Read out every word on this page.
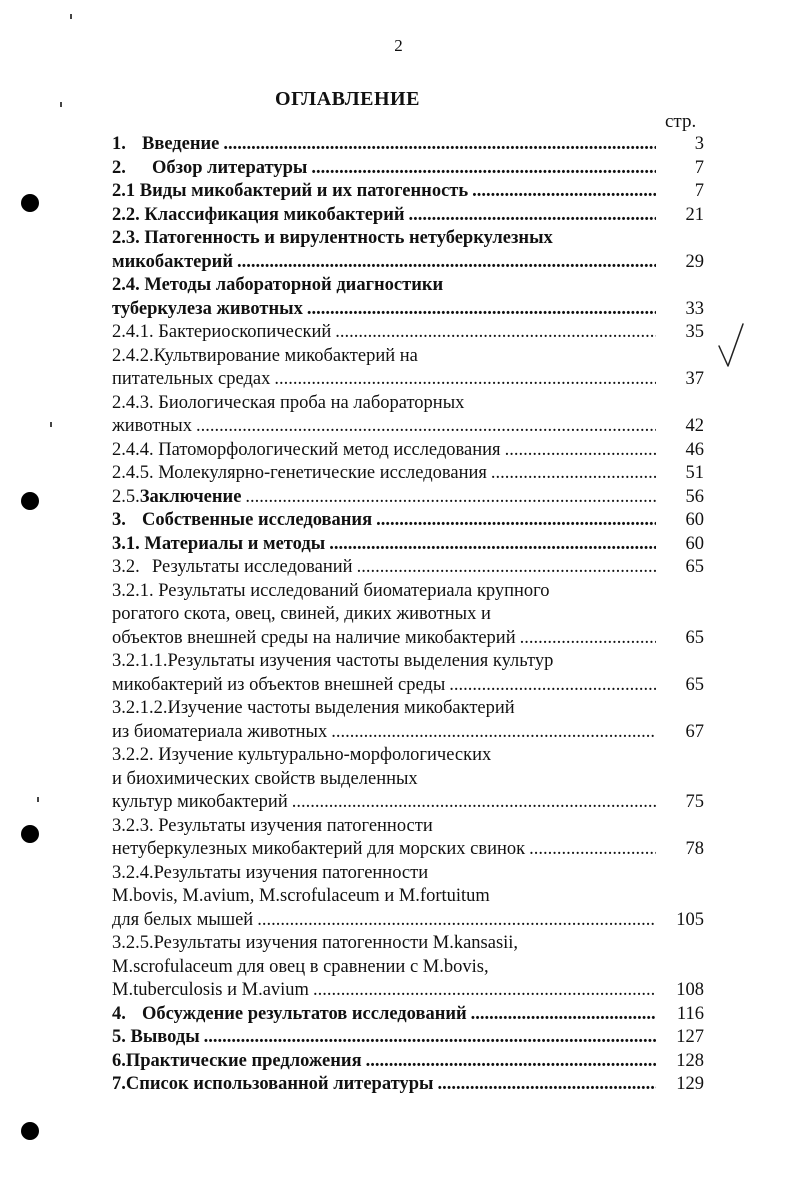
2
ОГЛАВЛЕНИЕ
стр.
1. Введение .....	3
2. Обзор литературы .....	7
2.1 Виды микобактерий и их патогенность .....	7
2.2. Классификация микобактерий .....	21
2.3. Патогенность и вирулентность нетуберкулезных
микобактерий .....	29
2.4. Методы лабораторной диагностики
туберкулеза животных .....	33
2.4.1. Бактериоскопический .....	35
2.4.2.Культвирование микобактерий на
питательных средах .....	37
2.4.3. Биологическая проба на лабораторных
животных .....	42
2.4.4. Патоморфологический метод исследования .....	46
2.4.5. Молекулярно-генетические исследования .....	51
2.5.Заключение .....	56
3. Собственные исследования .....	60
3.1. Материалы и методы .....	60
3.2. Результаты исследований .....	65
3.2.1. Результаты исследований биоматериала крупного
рогатого скота, овец, свиней, диких животных и
объектов внешней среды на наличие микобактерий .....	65
3.2.1.1.Результаты изучения частоты выделения культур
микобактерий из объектов внешней среды .....	65
3.2.1.2.Изучение частоты выделения микобактерий
из биоматериала животных .....	67
3.2.2. Изучение культурально-морфологических
и биохимических свойств выделенных
культур микобактерий .....	75
3.2.3. Результаты изучения патогенности
нетуберкулезных микобактерий для морских свинок .....	78
3.2.4.Результаты изучения патогенности
M.bovis, M.avium, M.scrofulaceum и M.fortuitum
для белых мышей .....	105
3.2.5.Результаты изучения патогенности M.kansasii,
M.scrofulaceum для овец в сравнении с M.bovis,
M.tuberculosis и M.avium .....	108
4. Обсуждение результатов исследований .....	116
5. Выводы .....	127
6.Практические предложения .....	128
7.Список использованной литературы .....	129
